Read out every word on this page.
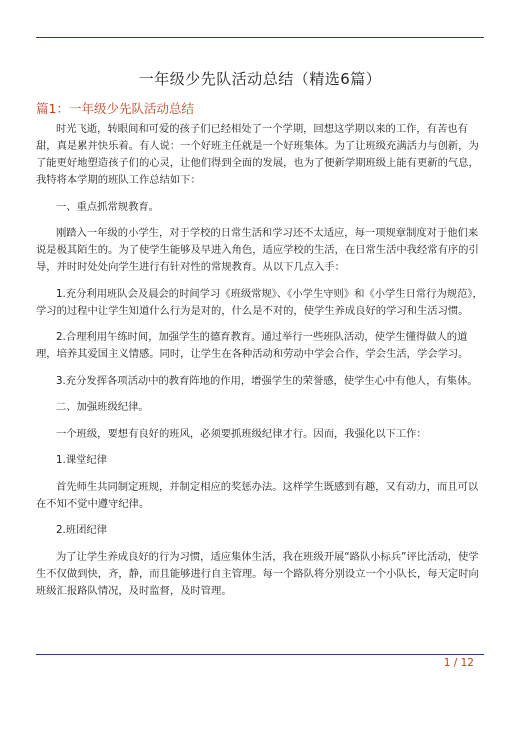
一年级少先队活动总结（精选6篇）
篇1：一年级少先队活动总结

时光飞逝，转眼间和可爱的孩子们已经相处了一个学期，回想这学期以来的工作，有苦也有甜，真是累并快乐着。有人说：一个好班主任就是一个好班集体。为了让班级充满活力与创新，为了能更好地塑造孩子们的心灵，让他们得到全面的发展，也为了便新学期班级上能有更新的气息，我特将本学期的班队工作总结如下：

一、重点抓常规教育。

刚踏入一年级的小学生，对于学校的日常生活和学习还不太适应，每一项规章制度对于他们来说是极其陌生的。为了使学生能够及早进入角色，适应学校的生活，在日常生活中我经常有序的引导，并时时处处向学生进行有针对性的常规教育。从以下几点入手：

1.充分利用班队会及晨会的时间学习《班级常规》、《小学生守则》和《小学生日常行为规范》，学习的过程中让学生知道什么行为是对的，什么是不对的，使学生养成良好的学习和生活习惯。

2.合理利用午练时间，加强学生的德育教育。通过举行一些班队活动，使学生懂得做人的道理，培养其爱国主义情感。同时，让学生在各种活动和劳动中学会合作，学会生活，学会学习。

3.充分发挥各项活动中的教育阵地的作用，增强学生的荣誉感，使学生心中有他人，有集体。

二、加强班级纪律。

一个班级，要想有良好的班风，必须要抓班级纪律才行。因而，我强化以下工作：

1.课堂纪律

首先师生共同制定班规，并制定相应的奖惩办法。这样学生既感到有趣，又有动力，而且可以在不知不觉中遵守纪律。

2.班团纪律

为了让学生养成良好的行为习惯，适应集体生活，我在班级开展“路队小标兵”评比活动，使学生不仅做到快，齐，静，而且能够进行自主管理。每一个路队将分别设立一个小队长，每天定时向班级汇报路队情况，及时监督，及时管理。

1 / 12
